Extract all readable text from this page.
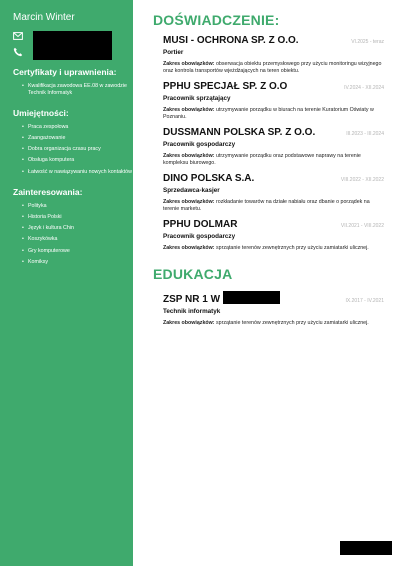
Marcin Winter
Certyfikaty i uprawnienia:
• Kwalifikacja zawodowa EE.08 w zawodzie Technik Informatyk
Umiejętności:
• Praca zespołowa
• Zaangażowanie
• Dobra organizacja czasu pracy
• Obsługa komputera
• Łatwość w nawiązywaniu nowych kontaktów
Zainteresowania:
• Polityka
• Historia Polski
• Język i kultura Chin
• Koszykówka
• Gry komputerowe
• Komiksy
DOŚWIADCZENIE:
MUSI - OCHRONA SP. Z O.O.	VI.2025 - teraz
Portier
Zakres obowiązków: obserwacja obiektu przemysłowego przy użyciu monitoringu wizyjnego oraz kontrola transportów wjeżdżających na teren obiektu.
PPHU SPECJAŁ SP. Z O.O	IV.2024 - XII.2024
Pracownik sprzątający
Zakres obowiązków: utrzymywanie porządku w biurach na terenie Kuratorium Oświaty w Poznaniu.
DUSSMANN POLSKA SP. Z O.O.	III.2023 - III.2024
Pracownik gospodarczy
Zakres obowiązków: utrzymywanie porządku oraz podstawowe naprawy na terenie kompleksu biurowego.
DINO POLSKA S.A.	VIII.2022 - XII.2022
Sprzedawca-kasjer
Zakres obowiązków: rozkładanie towarów na działe nabiału oraz dbanie o porządek na terenie marketu.
PPHU DOLMAR	VII.2021 - VIII.2022
Pracownik gospodarczy
Zakres obowiązków: sprzątanie terenów zewnętrznych przy użyciu zamiatarki ulicznej.
EDUKACJA
ZSP NR 1 W	IX.2017 - IV.2021
Technik informatyk
Zakres obowiązków: sprzątanie terenów zewnętrznych przy użyciu zamiatarki ulicznej.
